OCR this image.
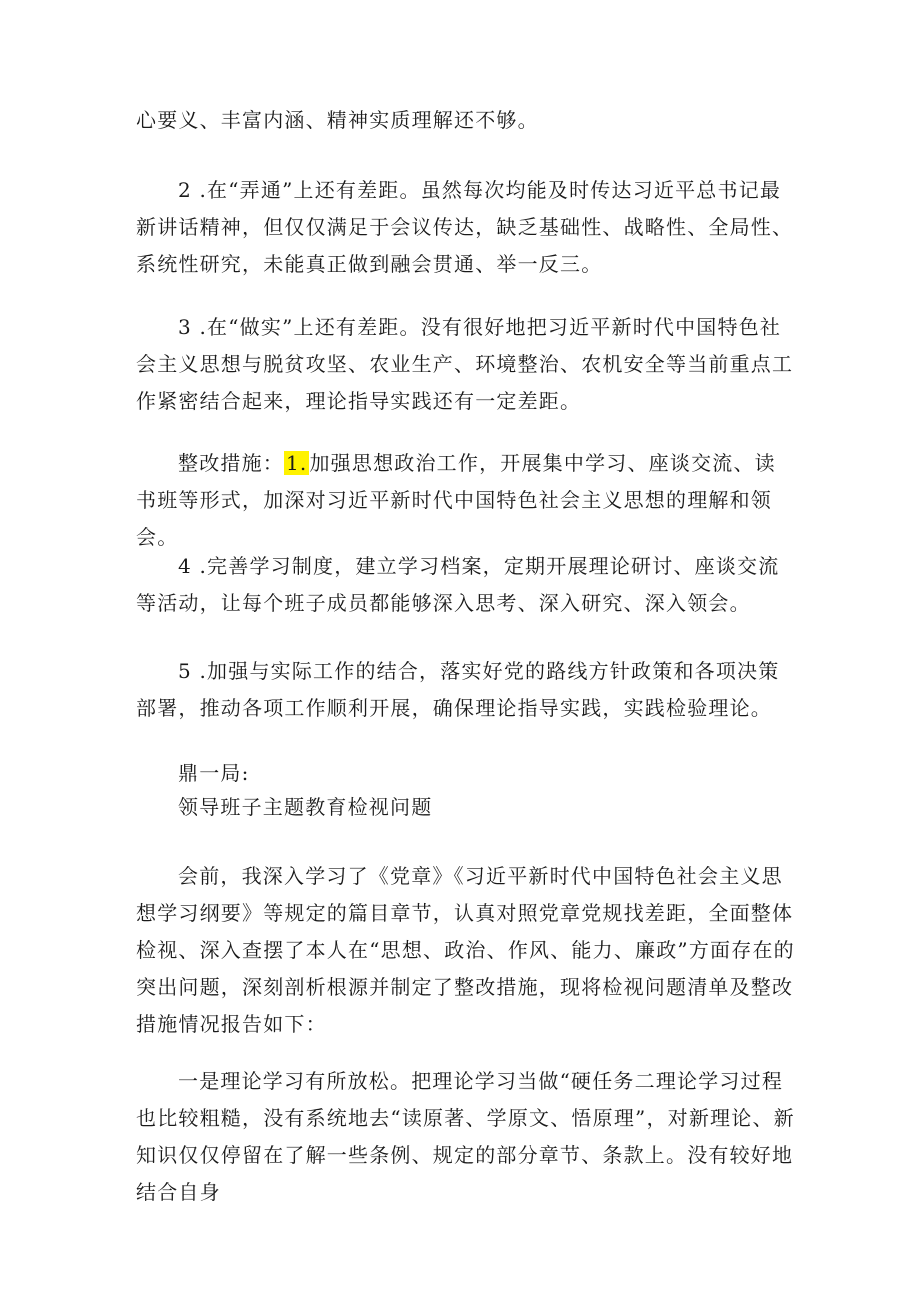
心要义、丰富内涵、精神实质理解还不够。

2 .在“弄通”上还有差距。虽然每次均能及时传达习近平总书记最新讲话精神，但仅仅满足于会议传达，缺乏基础性、战略性、全局性、系统性研究，未能真正做到融会贯通、举一反三。

3 .在“做实”上还有差距。没有很好地把习近平新时代中国特色社会主义思想与脱贫攻坚、农业生产、环境整治、农机安全等当前重点工作紧密结合起来，理论指导实践还有一定差距。

整改措施： 1. 加强思想政治工作，开展集中学习、座谈交流、读书班等形式，加深对习近平新时代中国特色社会主义思想的理解和领会。

4 .完善学习制度，建立学习档案，定期开展理论研讨、座谈交流等活动，让每个班子成员都能够深入思考、深入研究、深入领会。

5 .加强与实际工作的结合，落实好党的路线方针政策和各项决策部署，推动各项工作顺利开展，确保理论指导实践，实践检验理论。

鼎一局:

领导班子主题教育检视问题

会前，我深入学习了《党章》《习近平新时代中国特色社会主义思想学习纲要》等规定的篇目章节，认真对照党章党规找差距，全面整体检视、深入查摆了本人在“思想、政治、作风、能力、廉政”方面存在的突出问题，深刻剖析根源并制定了整改措施，现将检视问题清单及整改措施情况报告如下：

一是理论学习有所放松。把理论学习当做“硬任务二理论学习过程也比较粗糙，没有系统地去“读原著、学原文、悟原理”，对新理论、新知识仅仅停留在了解一些条例、规定的部分章节、条款上。没有较好地结合自身
